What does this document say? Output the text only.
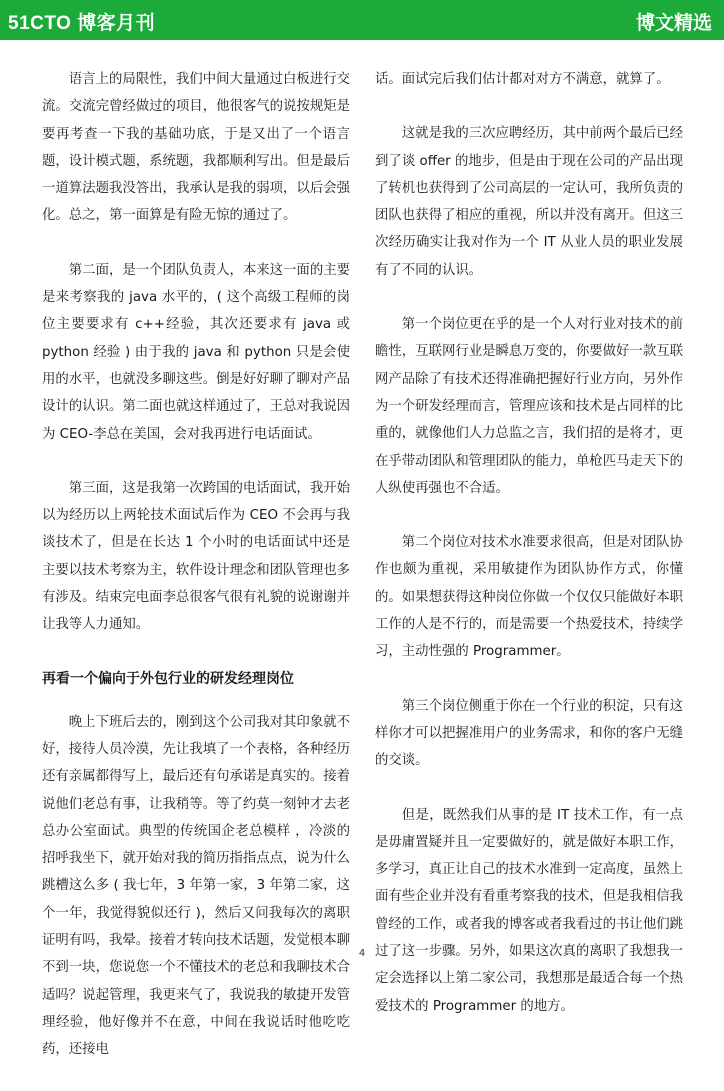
51CTO 博客月刊	博文精选

语言上的局限性，我们中间大量通过白板进行交流。交流完曾经做过的项目，他很客气的说按规矩是要再考查一下我的基础功底，于是又出了一个语言题，设计模式题，系统题，我都顺利写出。但是最后一道算法题我没答出，我承认是我的弱项，以后会强化。总之，第一面算是有险无惊的通过了。

第二面，是一个团队负责人，本来这一面的主要是来考察我的 java 水平的，( 这个高级工程师的岗位主要要求有 c++经验，其次还要求有 java 或 python 经验 ) 由于我的 java 和 python 只是会使用的水平，也就没多聊这些。倒是好好聊了聊对产品设计的认识。第二面也就这样通过了，王总对我说因为 CEO-李总在美国，会对我再进行电话面试。

第三面，这是我第一次跨国的电话面试，我开始以为经历以上两轮技术面试后作为 CEO 不会再与我谈技术了，但是在长达 1 个小时的电话面试中还是主要以技术考察为主，软件设计理念和团队管理也多有涉及。结束完电面李总很客气很有礼貌的说谢谢并让我等人力通知。

再看一个偏向于外包行业的研发经理岗位

晚上下班后去的，刚到这个公司我对其印象就不好，接待人员冷漠，先让我填了一个表格，各种经历还有亲属都得写上，最后还有句承诺是真实的。接着说他们老总有事，让我稍等。等了约莫一刻钟才去老总办公室面试。典型的传统国企老总模样 ，冷淡的招呼我坐下，就开始对我的简历指指点点，说为什么跳槽这么多 ( 我七年，3 年第一家，3 年第二家，这个一年，我觉得貌似还行 )，然后又问我每次的离职证明有吗，我晕。接着才转向技术话题，发觉根本聊不到一块，您说您一个不懂技术的老总和我聊技术合适吗？说起管理，我更来气了，我说我的敏捷开发管理经验，他好像并不在意，中间在我说话时他吃吃药，还接电

话。面试完后我们估计都对对方不满意，就算了。

这就是我的三次应聘经历，其中前两个最后已经到了谈 offer 的地步，但是由于现在公司的产品出现了转机也获得到了公司高层的一定认可，我所负责的团队也获得了相应的重视，所以并没有离开。但这三次经历确实让我对作为一个 IT 从业人员的职业发展有了不同的认识。

第一个岗位更在乎的是一个人对行业对技术的前瞻性，互联网行业是瞬息万变的，你要做好一款互联网产品除了有技术还得准确把握好行业方向，另外作为一个研发经理而言，管理应该和技术是占同样的比重的，就像他们人力总监之言，我们招的是将才，更在乎带动团队和管理团队的能力，单枪匹马走天下的人纵使再强也不合适。

第二个岗位对技术水准要求很高，但是对团队协作也颇为重视，采用敏捷作为团队协作方式，你懂的。如果想获得这种岗位你做一个仅仅只能做好本职工作的人是不行的，而是需要一个热爱技术，持续学习，主动性强的 Programmer。

第三个岗位侧重于你在一个行业的积淀，只有这样你才可以把握准用户的业务需求，和你的客户无缝的交谈。

但是，既然我们从事的是 IT 技术工作，有一点是毋庸置疑并且一定要做好的，就是做好本职工作，多学习，真正让自己的技术水准到一定高度，虽然上面有些企业并没有看重考察我的技术，但是我相信我曾经的工作，或者我的博客或者我看过的书让他们跳过了这一步骤。另外，如果这次真的离职了我想我一定会选择以上第二家公司，我想那是最适合每一个热爱技术的 Programmer 的地方。

4
